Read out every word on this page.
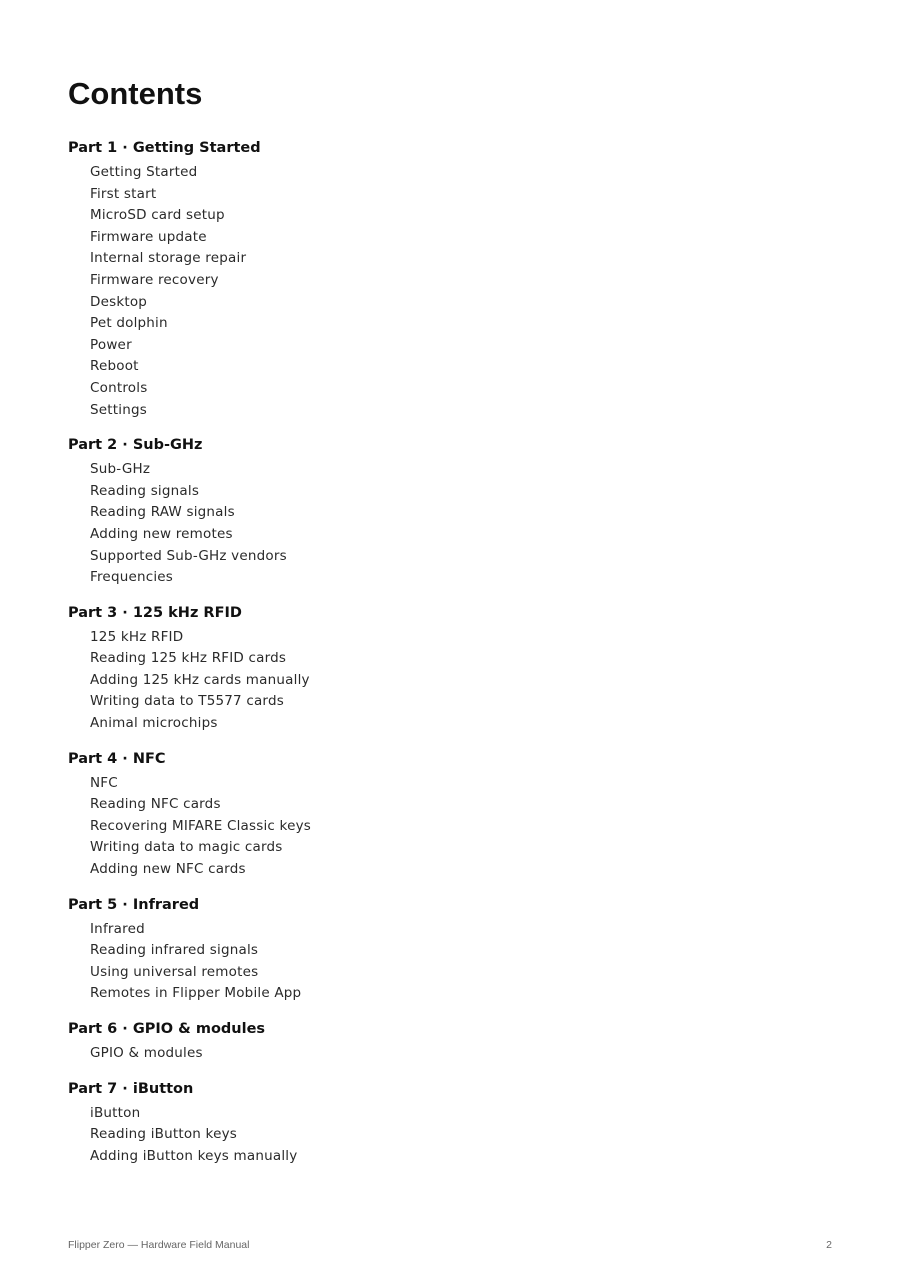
Contents
Part 1 · Getting Started
Getting Started
First start
MicroSD card setup
Firmware update
Internal storage repair
Firmware recovery
Desktop
Pet dolphin
Power
Reboot
Controls
Settings
Part 2 · Sub-GHz
Sub-GHz
Reading signals
Reading RAW signals
Adding new remotes
Supported Sub-GHz vendors
Frequencies
Part 3 · 125 kHz RFID
125 kHz RFID
Reading 125 kHz RFID cards
Adding 125 kHz cards manually
Writing data to T5577 cards
Animal microchips
Part 4 · NFC
NFC
Reading NFC cards
Recovering MIFARE Classic keys
Writing data to magic cards
Adding new NFC cards
Part 5 · Infrared
Infrared
Reading infrared signals
Using universal remotes
Remotes in Flipper Mobile App
Part 6 · GPIO & modules
GPIO & modules
Part 7 · iButton
iButton
Reading iButton keys
Adding iButton keys manually
Flipper Zero — Hardware Field Manual	2
